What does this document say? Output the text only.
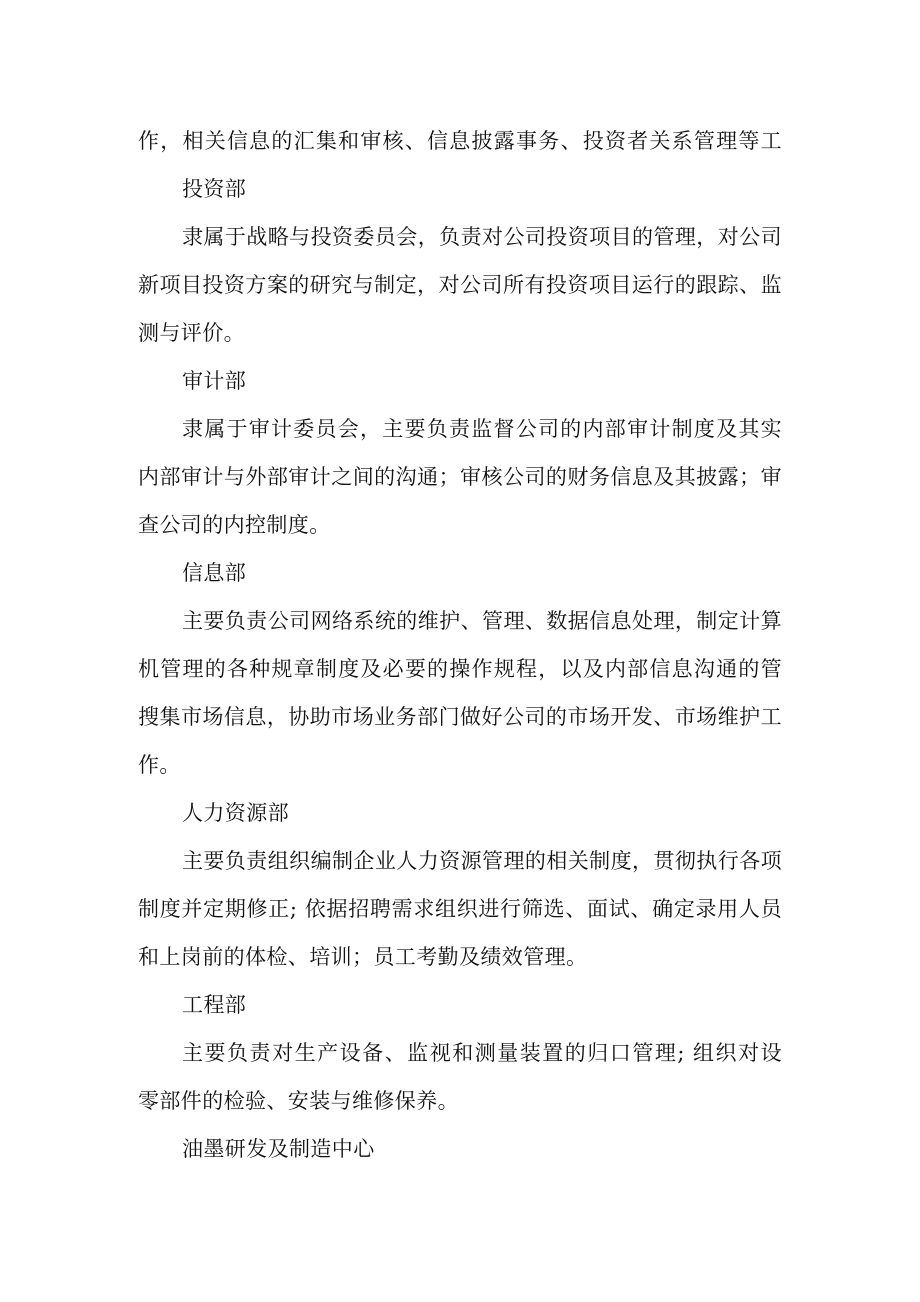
作，相关信息的汇集和审核、信息披露事务、投资者关系管理等工
投资部
隶属于战略与投资委员会，负责对公司投资项目的管理，对公司
新项目投资方案的研究与制定，对公司所有投资项目运行的跟踪、监
测与评价。
审计部
隶属于审计委员会，主要负责监督公司的内部审计制度及其实
内部审计与外部审计之间的沟通；审核公司的财务信息及其披露；审
查公司的内控制度。
信息部
主要负责公司网络系统的维护、管理、数据信息处理，制定计算
机管理的各种规章制度及必要的操作规程，以及内部信息沟通的管
搜集市场信息，协助市场业务部门做好公司的市场开发、市场维护工
作。
人力资源部
主要负责组织编制企业人力资源管理的相关制度，贯彻执行各项
制度并定期修正; 依据招聘需求组织进行筛选、面试、确定录用人员
和上岗前的体检、培训；员工考勤及绩效管理。
工程部
主要负责对生产设备、监视和测量装置的归口管理; 组织对设
零部件的检验、安装与维修保养。
油墨研发及制造中心
